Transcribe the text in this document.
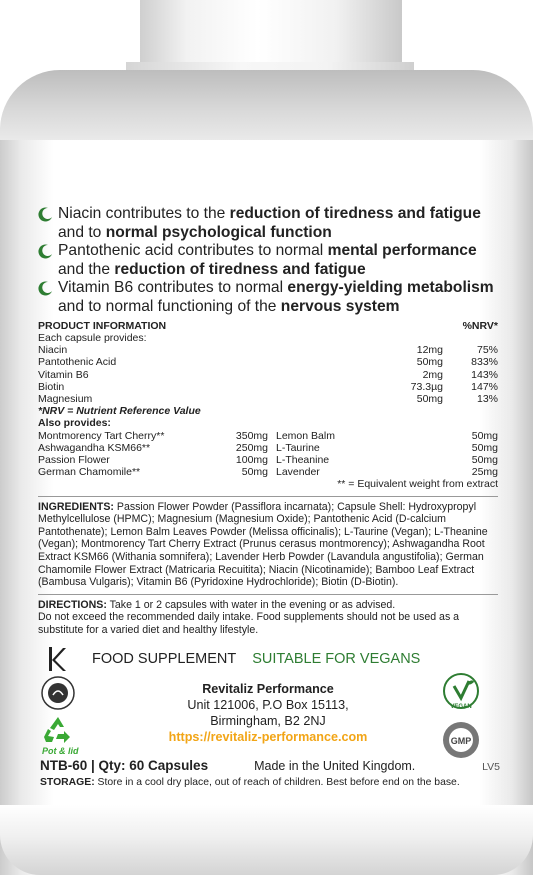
Niacin contributes to the reduction of tiredness and fatigue
and to normal psychological function
Pantothenic acid contributes to normal mental performance
and the reduction of tiredness and fatigue
Vitamin B6 contributes to normal energy-yielding metabolism
and to normal functioning of the nervous system
PRODUCT INFORMATION	%NRV*
Each capsule provides:
Niacin	12mg	75%
Pantothenic Acid	50mg	833%
Vitamin B6	2mg	143%
Biotin	73.3µg	147%
Magnesium	50mg	13%
*NRV = Nutrient Reference Value
Also provides:
Montmorency Tart Cherry**	350mg Lemon Balm	50mg
Ashwagandha KSM66**	250mg L-Taurine	50mg
Passion Flower	100mg L-Theanine	50mg
German Chamomile**	50mg Lavender	25mg
** = Equivalent weight from extract
INGREDIENTS: Passion Flower Powder (Passiflora incarnata); Capsule Shell: Hydroxypropyl Methylcellulose (HPMC); Magnesium (Magnesium Oxide); Pantothenic Acid (D-calcium Pantothenate); Lemon Balm Leaves Powder (Melissa officinalis); L-Taurine (Vegan); L-Theanine (Vegan); Montmorency Tart Cherry Extract (Prunus cerasus montmorency); Ashwagandha Root Extract KSM66 (Withania somnifera); Lavender Herb Powder (Lavandula angustifolia); German Chamomile Flower Extract (Matricaria Recuitita); Niacin (Nicotinamide); Bamboo Leaf Extract (Bambusa Vulgaris); Vitamin B6 (Pyridoxine Hydrochloride); Biotin (D-Biotin).
DIRECTIONS: Take 1 or 2 capsules with water in the evening or as advised.
Do not exceed the recommended daily intake. Food supplements should not be used as a substitute for a varied diet and healthy lifestyle.
FOOD SUPPLEMENT SUITABLE FOR VEGANS
Revitaliz Performance
Unit 121006, P.O Box 15113,
Birmingham, B2 2NJ
https://revitaliz-performance.com
Pot & lid
VEGAN
GMP
NTB-60 | Qty: 60 Capsules	Made in the United Kingdom.	LV5
STORAGE: Store in a cool dry place, out of reach of children. Best before end on the base.
